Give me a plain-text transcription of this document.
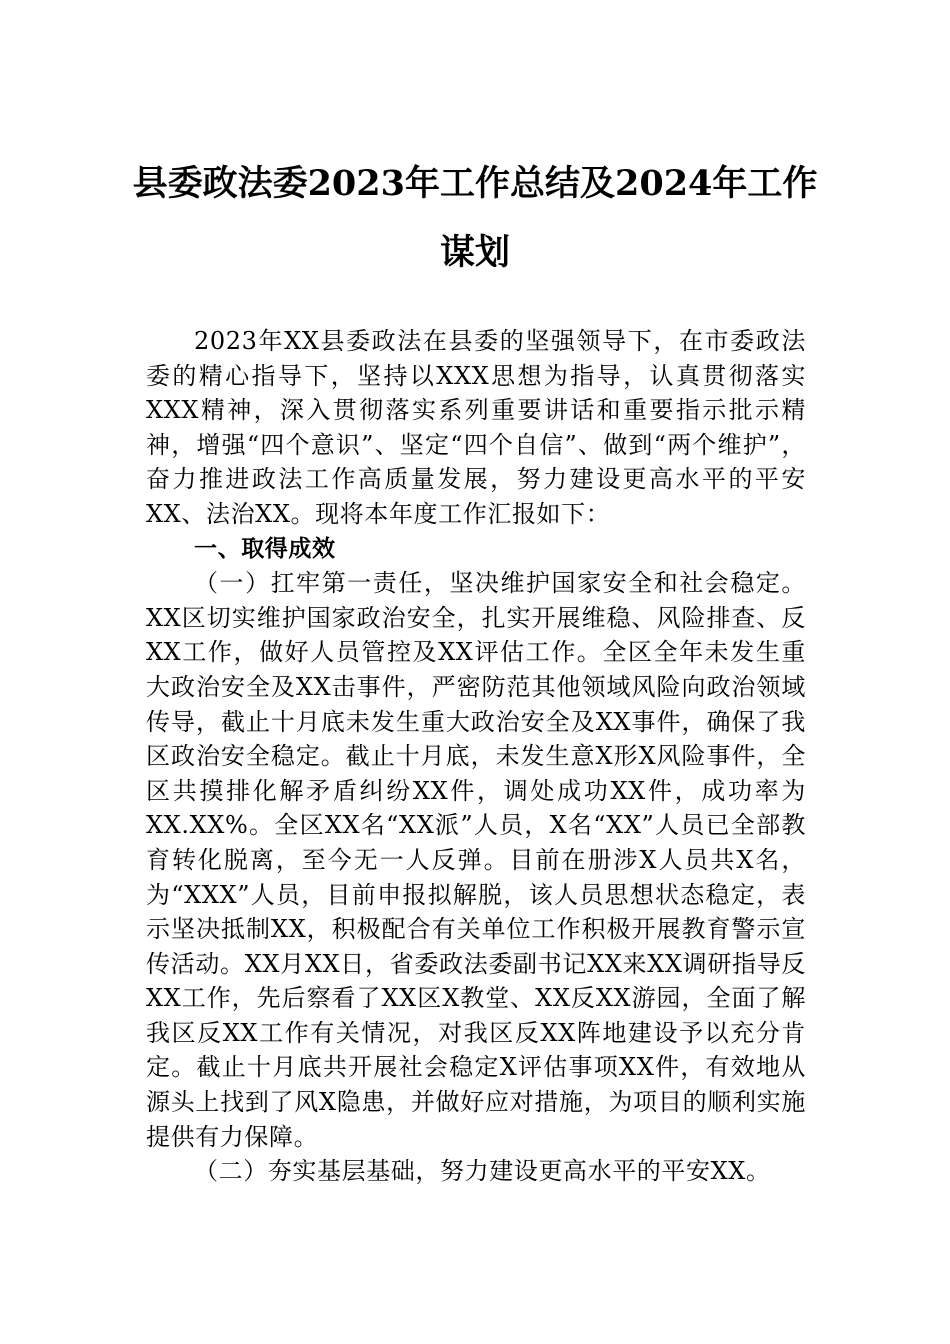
县委政法委2023年工作总结及2024年工作
谋划

2023年XX县委政法在县委的坚强领导下，在市委政法委的精心指导下，坚持以XXX思想为指导，认真贯彻落实XXX精神，深入贯彻落实系列重要讲话和重要指示批示精神，增强“四个意识”、坚定“四个自信”、做到“两个维护”，奋力推进政法工作高质量发展，努力建设更高水平的平安XX、法治XX。现将本年度工作汇报如下：

一、取得成效

（一）扛牢第一责任，坚决维护国家安全和社会稳定。XX区切实维护国家政治安全，扎实开展维稳、风险排查、反XX工作，做好人员管控及XX评估工作。全区全年未发生重大政治安全及XX击事件，严密防范其他领域风险向政治领域传导，截止十月底未发生重大政治安全及XX事件，确保了我区政治安全稳定。截止十月底，未发生意X形X风险事件，全区共摸排化解矛盾纠纷XX件，调处成功XX件，成功率为XX.XX%。全区XX名“XX派”人员，X名“XX”人员已全部教育转化脱离，至今无一人反弹。目前在册涉X人员共X名，为“XXX”人员，目前申报拟解脱，该人员思想状态稳定，表示坚决抵制XX，积极配合有关单位工作积极开展教育警示宣传活动。XX月XX日，省委政法委副书记XX来XX调研指导反XX工作，先后察看了XX区X教堂、XX反XX游园，全面了解我区反XX工作有关情况，对我区反XX阵地建设予以充分肯定。截止十月底共开展社会稳定X评估事项XX件，有效地从源头上找到了风X隐患，并做好应对措施，为项目的顺利实施提供有力保障。

（二）夯实基层基础，努力建设更高水平的平安XX。
